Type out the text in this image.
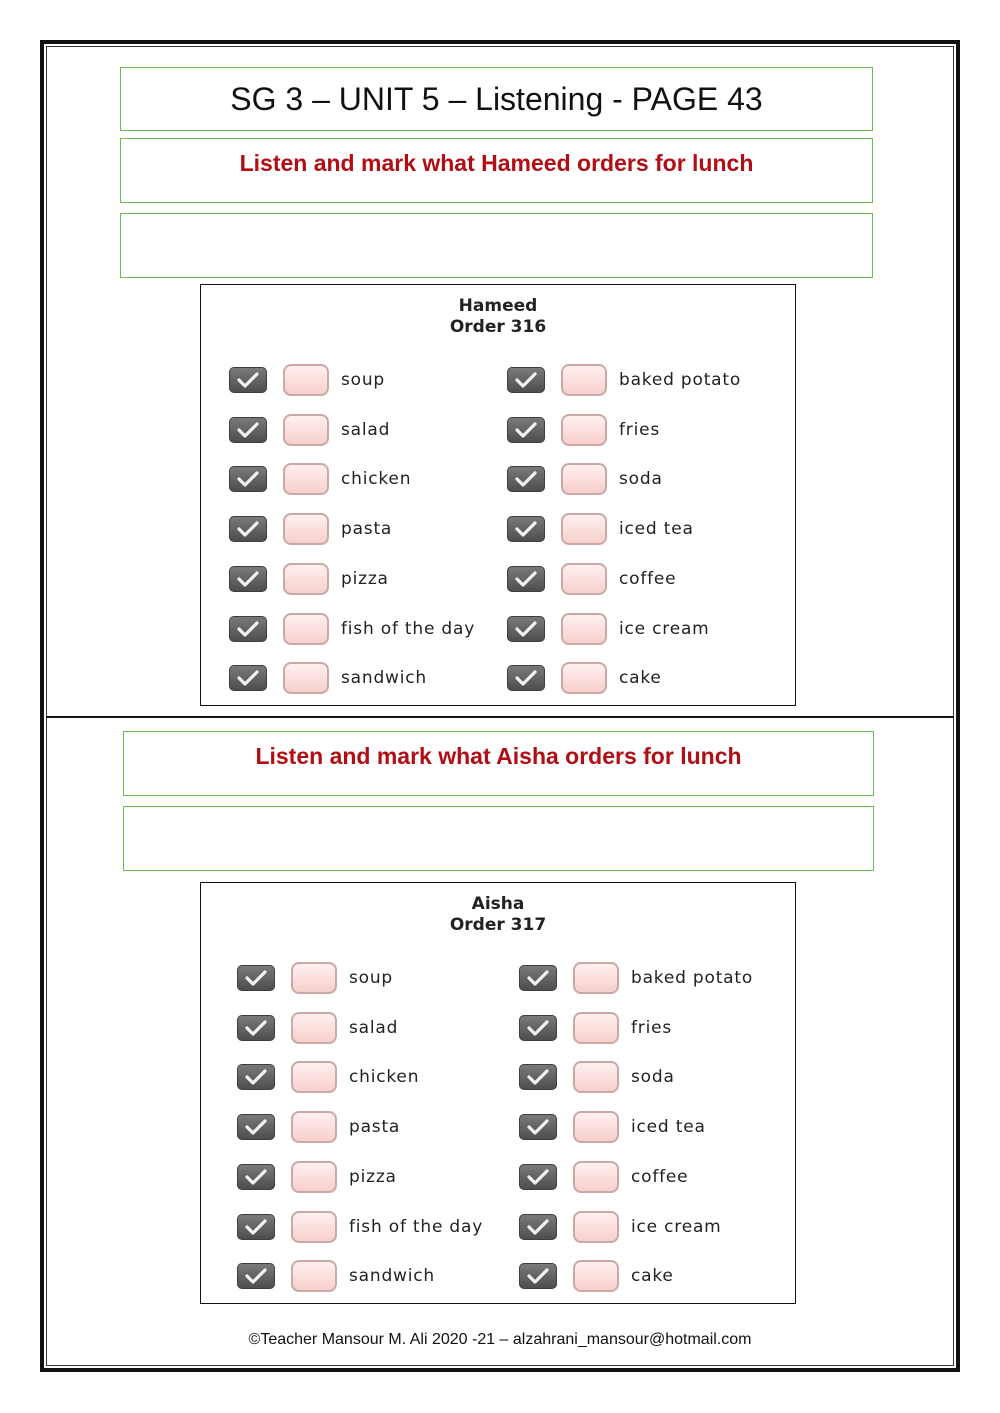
SG 3 – UNIT 5 – Listening - PAGE 43
Listen and mark what Hameed orders for lunch
Hameed
Order 316
soup
salad
chicken
pasta
pizza
fish of the day
sandwich
baked potato
fries
soda
iced tea
coffee
ice cream
cake
Listen and mark what Aisha orders for lunch
Aisha
Order 317
soup
salad
chicken
pasta
pizza
fish of the day
sandwich
baked potato
fries
soda
iced tea
coffee
ice cream
cake
©Teacher Mansour M. Ali 2020 -21 – alzahrani_mansour@hotmail.com
